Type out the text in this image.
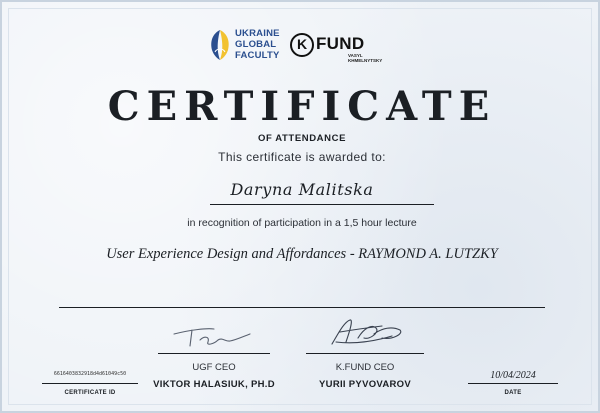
UKRAINE
GLOBAL
FACULTY
K FUND
VASYL
KHMELNYTSKY
CERTIFICATE
OF ATTENDANCE
This certificate is awarded to:
Daryna Malitska
in recognition of participation in a 1,5 hour lecture
User Experience Design and Affordances - RAYMOND A. LUTZKY
UGF CEO	K.FUND CEO
VIKTOR HALASIUK, PH.D	YURII PYVOVAROV
6616403832918d4d61049c50
CERTIFICATE ID
10/04/2024
DATE
